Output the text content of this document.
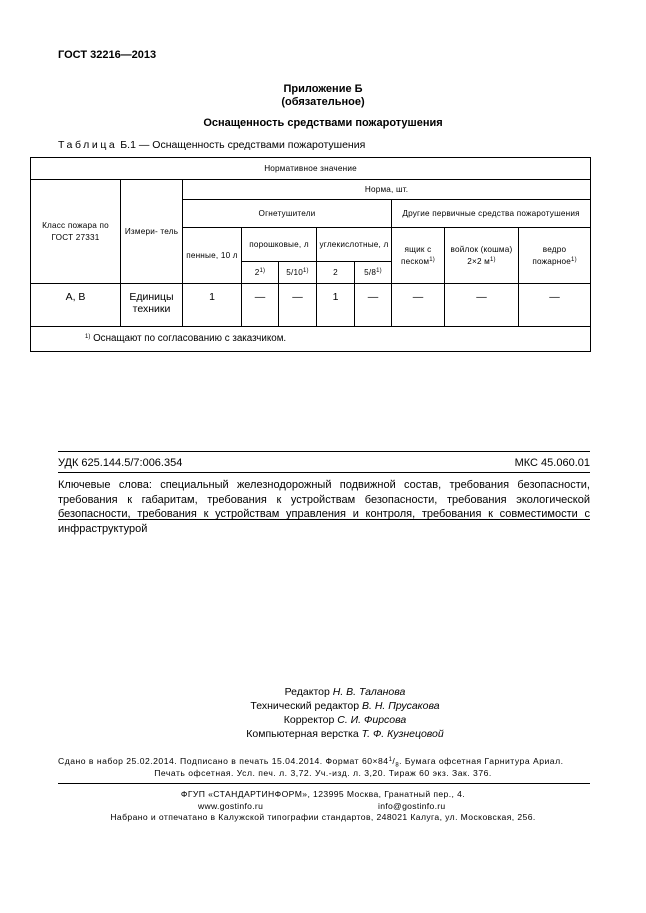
ГОСТ 32216—2013
Приложение Б
(обязательное)
Оснащенность средствами пожаротушения
Таблица Б.1 — Оснащенность средствами пожаротушения
Нормативное значение									
Класс пожара по ГОСТ 27331	Измери- тель	Норма, шт.							
		Огнетушители					Другие первичные средства пожаротушения		
		пенные, 10 л	порошковые, л		углекислотные, л		ящик с песком$^{1)}$	войлок (кошма) 2×2 $м^{1)}$	ведро пожарное$^{1)}$
			2$^{1)}$	5/10$^{1)}$	2	5/8$^{1)}$
А, В	Единицы техники	1	—	—	1	—	—	—	—
$^{1)}$ Оснащают по согласованию с заказчиком.									
УДК 625.144.5/7:006.354	МКС 45.060.01
Ключевые слова: специальный железнодорожный подвижной состав, требования безопасности, требования к габаритам, требования к устройствам безопасности, требования экологической безопасности, требования к устройствам управления и контроля, требования к совместимости с инфраструктурой
Редактор Н. В. Таланова
Технический редактор В. Н. Прусакова
Корректор С. И. Фирсова
Компьютерная верстка Т. Ф. Кузнецовой
Сдано в набор 25.02.2014. Подписано в печать 15.04.2014. Формат $60\times 84^1/_8$. Бумага офсетная Гарнитура Ариал.
Печать офсетная. Усл. печ. л. 3,72. Уч.-изд. л. 3,20. Тираж 60 экз. Зак. 376.
ФГУП «СТАНДАРТИНФОРМ», 123995 Москва, Гранатный пер., 4.
www.gostinfo.ru	info@gostinfo.ru
Набрано и отпечатано в Калужской типографии стандартов, 248021 Калуга, ул. Московская, 256.
